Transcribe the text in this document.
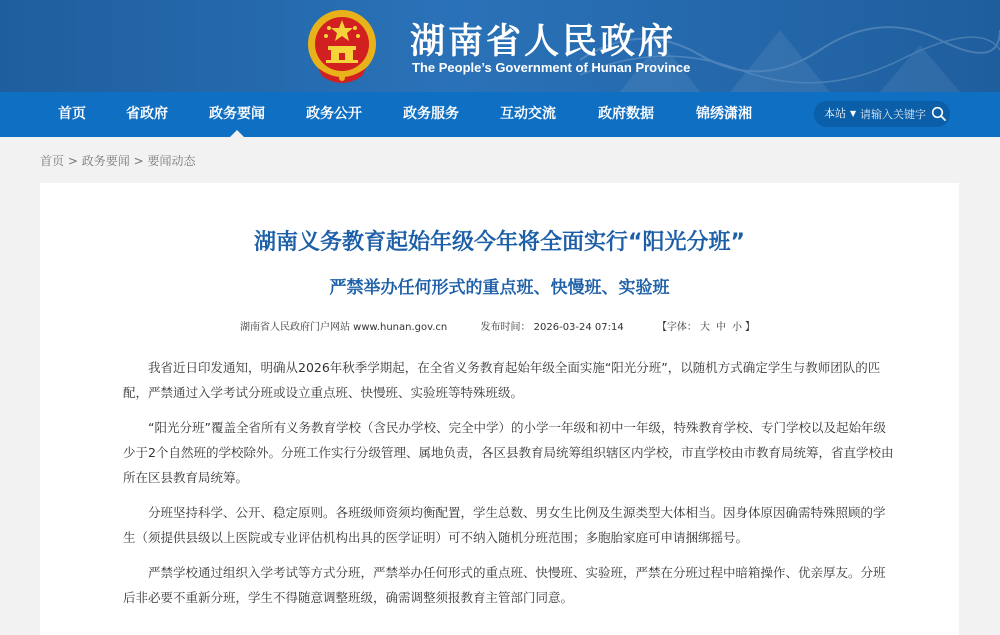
湖南省人民政府
The People’s Government of Hunan Province
首页	省政府	政务要闻	政务公开	政务服务	互动交流	政府数据	锦绣潇湘	本站 ▼
请输入关键字
首页 > 政务要闻 > 要闻动态
湖南义务教育起始年级今年将全面实行“阳光分班”
严禁举办任何形式的重点班、快慢班、实验班
湖南省人民政府门户网站 www.hunan.gov.cn	发布时间： 2026-03-24 07:14	【字体： 大 中 小 】

我省近日印发通知，明确从2026年秋季学期起，在全省义务教育起始年级全面实施“阳光分班”，以随机方式确定学生与教师团队的匹配，严禁通过入学考试分班或设立重点班、快慢班、实验班等特殊班级。

“阳光分班”覆盖全省所有义务教育学校（含民办学校、完全中学）的小学一年级和初中一年级，特殊教育学校、专门学校以及起始年级少于2个自然班的学校除外。分班工作实行分级管理、属地负责，各区县教育局统筹组织辖区内学校，市直学校由市教育局统筹，省直学校由所在区县教育局统筹。

分班坚持科学、公开、稳定原则。各班级师资须均衡配置，学生总数、男女生比例及生源类型大体相当。因身体原因确需特殊照顾的学生（须提供县级以上医院或专业评估机构出具的医学证明）可不纳入随机分班范围；多胞胎家庭可申请捆绑摇号。

严禁学校通过组织入学考试等方式分班，严禁举办任何形式的重点班、快慢班、实验班，严禁在分班过程中暗箱操作、优亲厚友。分班后非必要不重新分班，学生不得随意调整班级，确需调整须报教育主管部门同意。
